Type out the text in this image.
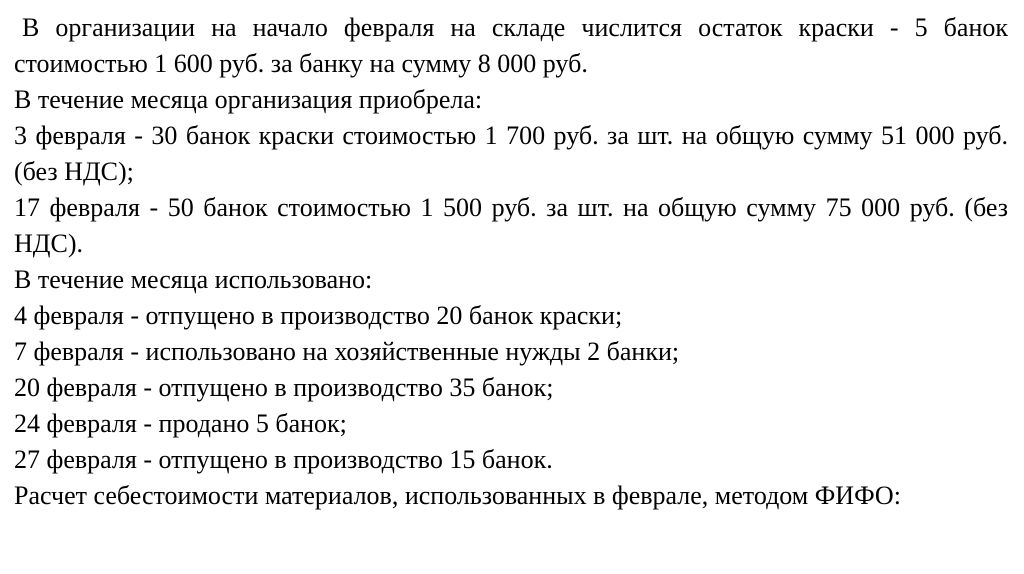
В организации на начало февраля на складе числится остаток краски - 5 банок стоимостью 1 600 руб. за банку на сумму 8 000 руб.

В течение месяца организация приобрела:

3 февраля - 30 банок краски стоимостью 1 700 руб. за шт. на общую сумму 51 000 руб. (без НДС);

17 февраля - 50 банок стоимостью 1 500 руб. за шт. на общую сумму 75 000 руб. (без НДС).

В течение месяца использовано:

4 февраля - отпущено в производство 20 банок краски;

7 февраля - использовано на хозяйственные нужды 2 банки;

20 февраля - отпущено в производство 35 банок;

24 февраля - продано 5 банок;

27 февраля - отпущено в производство 15 банок.

Расчет себестоимости материалов, использованных в феврале, методом ФИФО:
